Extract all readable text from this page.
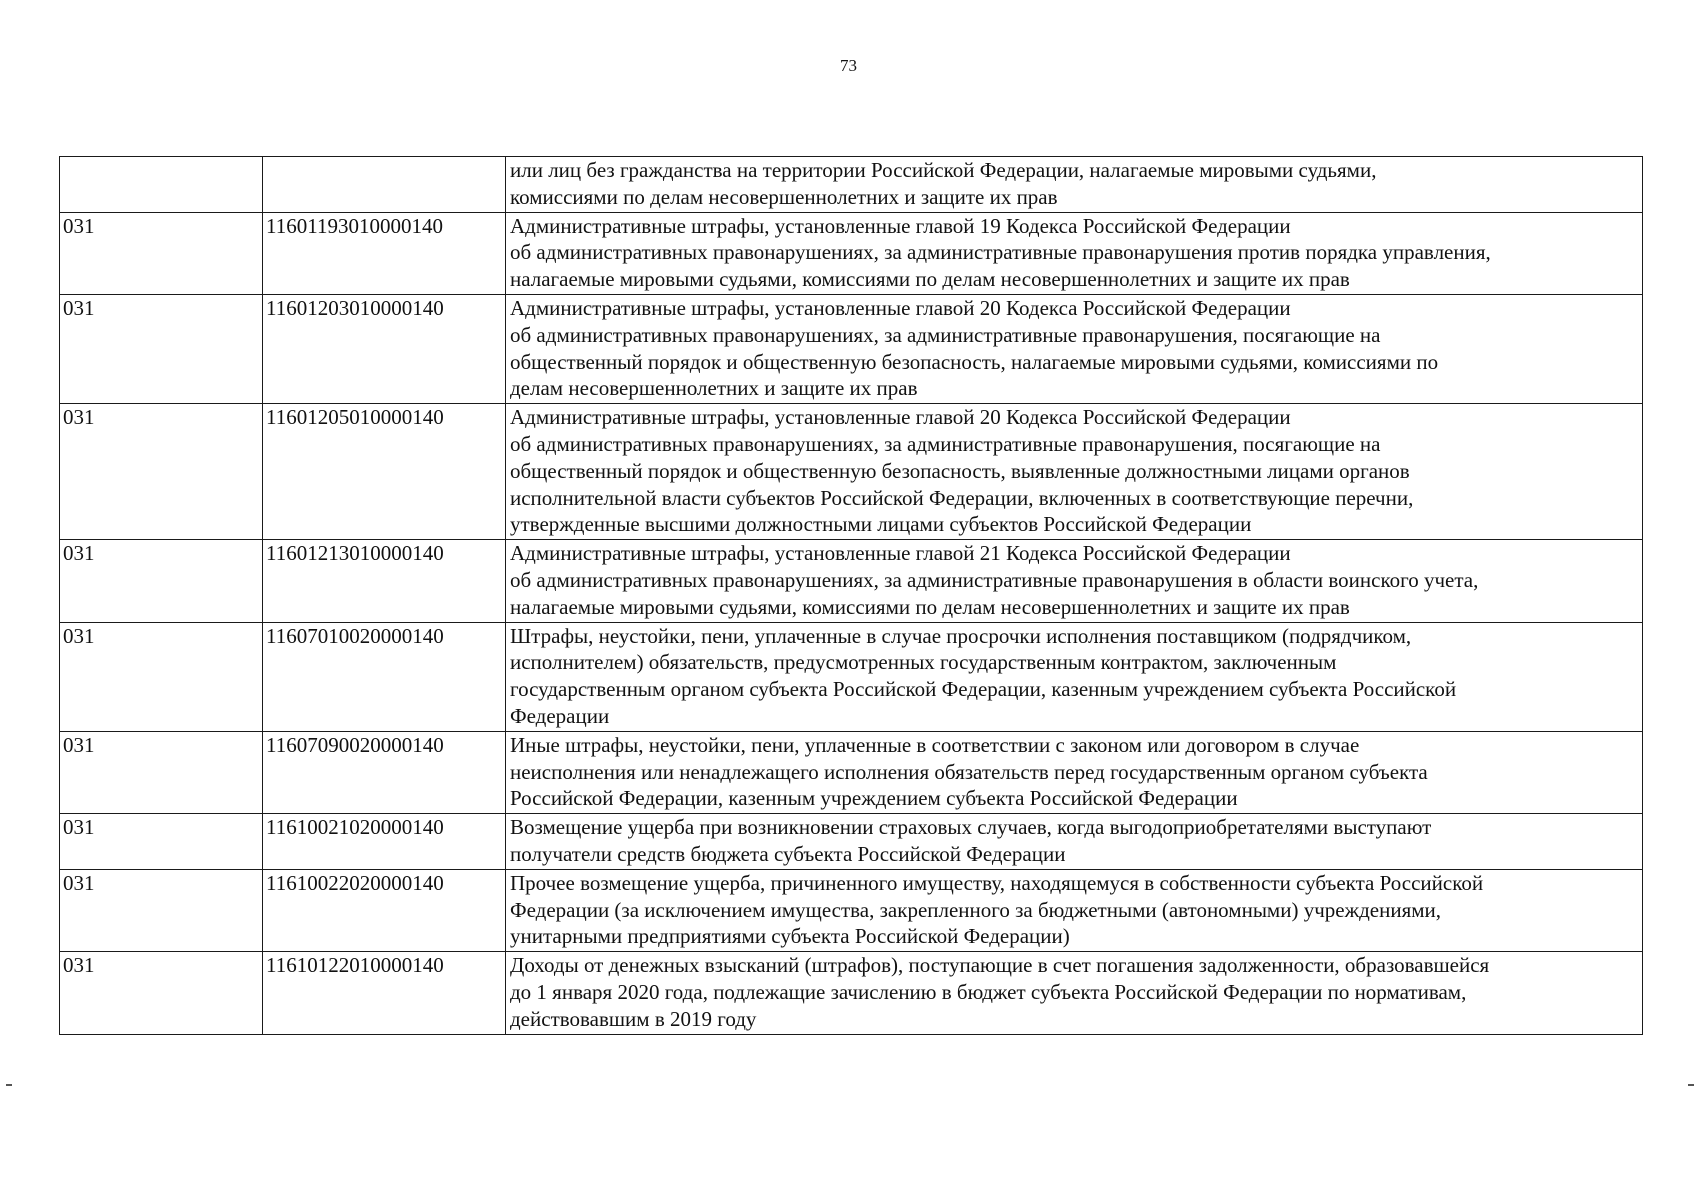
73

		или лиц без гражданства на территории Российской Федерации, налагаемые мировыми судьями,
комиссиями по делам несовершеннолетних и защите их прав

031	11601193010000140	Административные штрафы, установленные главой 19 Кодекса Российской Федерации
об административных правонарушениях, за административные правонарушения против порядка управления,
налагаемые мировыми судьями, комиссиями по делам несовершеннолетних и защите их прав

031	11601203010000140	Административные штрафы, установленные главой 20 Кодекса Российской Федерации
об административных правонарушениях, за административные правонарушения, посягающие на
общественный порядок и общественную безопасность, налагаемые мировыми судьями, комиссиями по
делам несовершеннолетних и защите их прав

031	11601205010000140	Административные штрафы, установленные главой 20 Кодекса Российской Федерации
об административных правонарушениях, за административные правонарушения, посягающие на
общественный порядок и общественную безопасность, выявленные должностными лицами органов
исполнительной власти субъектов Российской Федерации, включенных в соответствующие перечни,
утвержденные высшими должностными лицами субъектов Российской Федерации

031	11601213010000140	Административные штрафы, установленные главой 21 Кодекса Российской Федерации
об административных правонарушениях, за административные правонарушения в области воинского учета,
налагаемые мировыми судьями, комиссиями по делам несовершеннолетних и защите их прав

031	11607010020000140	Штрафы, неустойки, пени, уплаченные в случае просрочки исполнения поставщиком (подрядчиком,
исполнителем) обязательств, предусмотренных государственным контрактом, заключенным
государственным органом субъекта Российской Федерации, казенным учреждением субъекта Российской
Федерации

031	11607090020000140	Иные штрафы, неустойки, пени, уплаченные в соответствии с законом или договором в случае
неисполнения или ненадлежащего исполнения обязательств перед государственным органом субъекта
Российской Федерации, казенным учреждением субъекта Российской Федерации

031	11610021020000140	Возмещение ущерба при возникновении страховых случаев, когда выгодоприобретателями выступают
получатели средств бюджета субъекта Российской Федерации

031	11610022020000140	Прочее возмещение ущерба, причиненного имуществу, находящемуся в собственности субъекта Российской
Федерации (за исключением имущества, закрепленного за бюджетными (автономными) учреждениями,
унитарными предприятиями субъекта Российской Федерации)

031	11610122010000140	Доходы от денежных взысканий (штрафов), поступающие в счет погашения задолженности, образовавшейся
до 1 января 2020 года, подлежащие зачислению в бюджет субъекта Российской Федерации по нормативам,
действовавшим в 2019 году
